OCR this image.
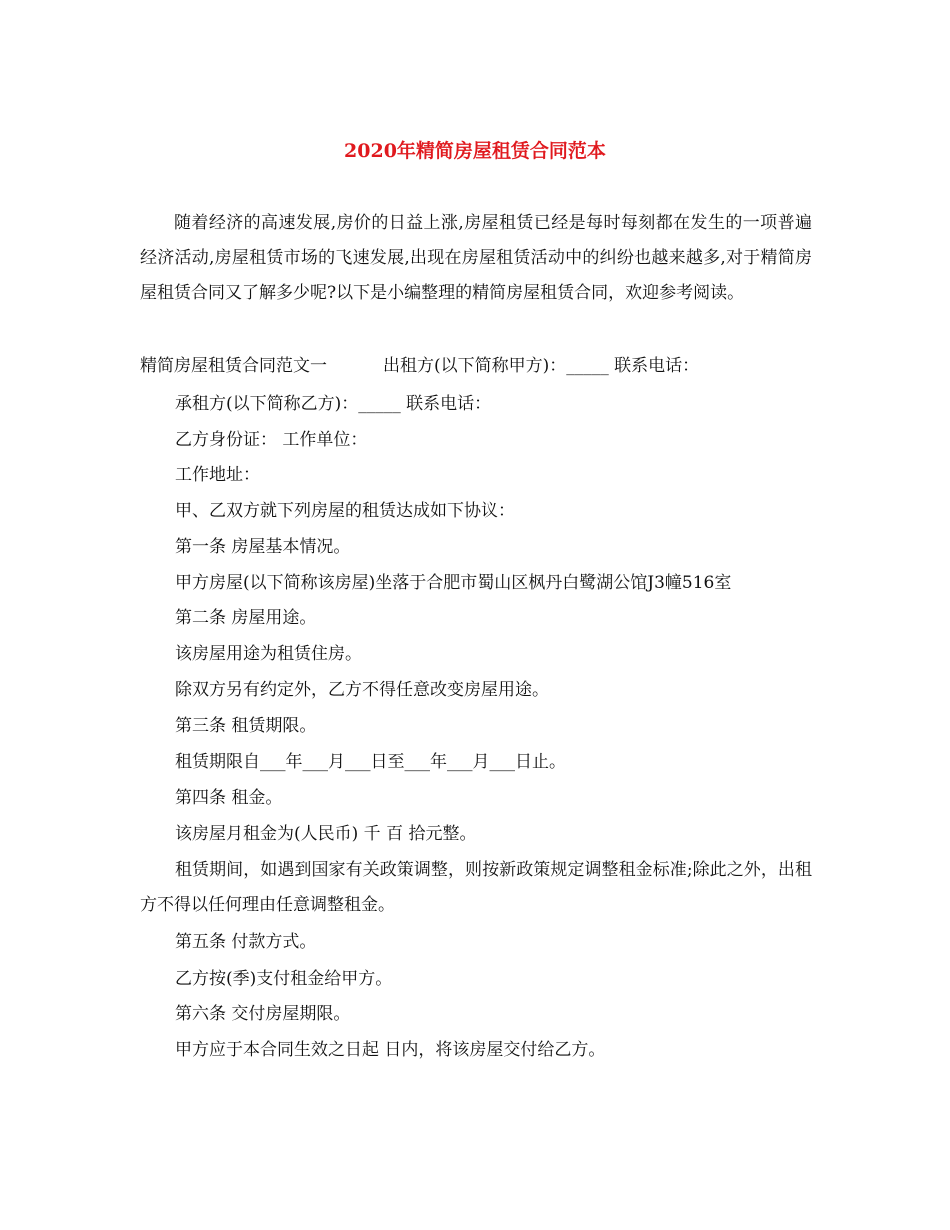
2020年精简房屋租赁合同范本
随着经济的高速发展,房价的日益上涨,房屋租赁已经是每时每刻都在发生的一项普遍经济活动,房屋租赁市场的飞速发展,出现在房屋租赁活动中的纠纷也越来越多,对于精简房屋租赁合同又了解多少呢?以下是小编整理的精简房屋租赁合同，欢迎参考阅读。
精简房屋租赁合同范文一	出租方(以下简称甲方)：_____ 联系电话：
承租方(以下简称乙方)：_____ 联系电话：
乙方身份证： 工作单位：
工作地址：
甲、乙双方就下列房屋的租赁达成如下协议：
第一条 房屋基本情况。
甲方房屋(以下简称该房屋)坐落于合肥市蜀山区枫丹白鹭湖公馆J3幢516室
第二条 房屋用途。
该房屋用途为租赁住房。
除双方另有约定外，乙方不得任意改变房屋用途。
第三条 租赁期限。
租赁期限自___年___月___日至___年___月___日止。
第四条 租金。
该房屋月租金为(人民币) 千 百 拾元整。
租赁期间，如遇到国家有关政策调整，则按新政策规定调整租金标准;除此之外，出租方不得以任何理由任意调整租金。
第五条 付款方式。
乙方按(季)支付租金给甲方。
第六条 交付房屋期限。
甲方应于本合同生效之日起 日内，将该房屋交付给乙方。
